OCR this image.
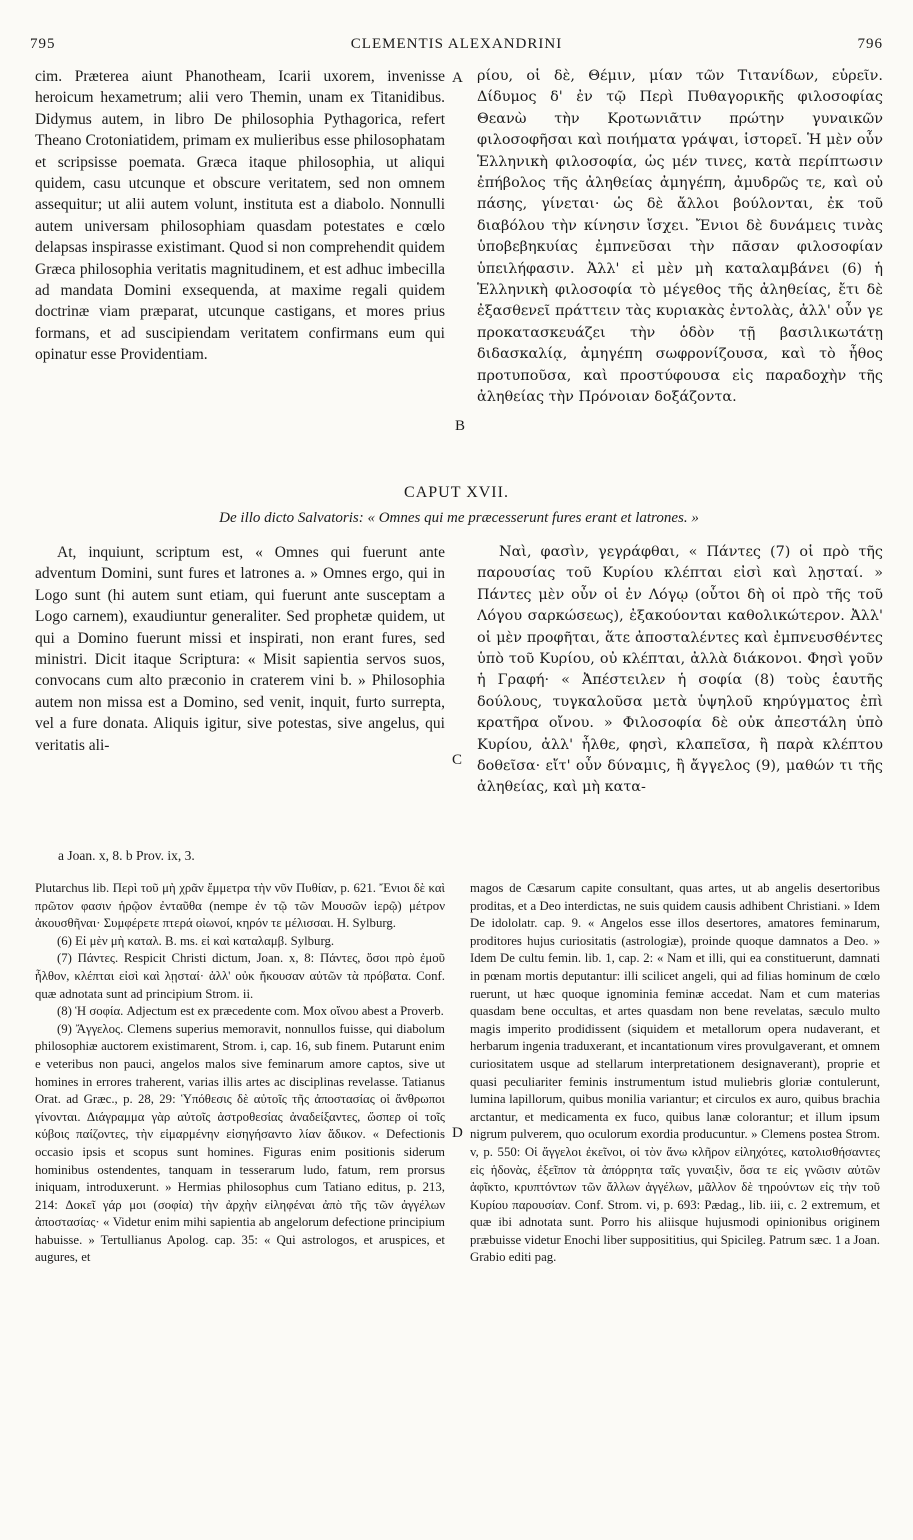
795	CLEMENTIS ALEXANDRINI	796

cim. Præterea aiunt Phanotheam, Icarii uxorem, invenisse heroicum hexametrum; alii vero Themin, unam ex Titanidibus. Didymus autem, in libro De philosophia Pythagorica, refert Theano Crotoniatidem, primam ex mulieribus esse philosophatam et scripsisse poemata. Græca itaque philosophia, ut aliqui quidem, casu utcunque et obscure veritatem, sed non omnem assequitur; ut alii autem volunt, instituta est a diabolo. Nonnulli autem universam philosophiam quasdam potestates e cœlo delapsas inspirasse existimant. Quod si non comprehendit quidem Græca philosophia veritatis magnitudinem, et est adhuc imbecilla ad mandata Domini exsequenda, at maxime regali quidem doctrinæ viam præparat, utcunque castigans, et mores prius formans, et ad suscipiendam veritatem confirmans eum qui opinatur esse Providentiam.

A ρίου, οἱ δὲ, Θέμιν, μίαν τῶν Τιτανίδων, εὑρεῖν. Δίδυμος δ' ἐν τῷ Περὶ Πυθαγορικῆς φιλοσοφίας Θεανὼ τὴν Κροτωνιᾶτιν πρώτην γυναικῶν φιλοσοφῆσαι καὶ ποιήματα γράψαι, ἱστορεῖ. Ἡ μὲν οὖν Ἑλληνικὴ φιλοσοφία, ὡς μέν τινες, κατὰ περίπτωσιν ἐπήβολος τῆς ἀληθείας ἀμηγέπη, ἀμυδρῶς τε, καὶ οὐ πάσης, γίνεται· ὡς δὲ ἄλλοι βούλονται, ἐκ τοῦ διαβόλου τὴν κίνησιν ἴσχει. Ἔνιοι δὲ δυνάμεις τινὰς ὑποβεβηκυίας ἐμπνεῦσαι τὴν πᾶσαν φιλοσοφίαν ὑπειλήφασιν. Ἀλλ' εἰ μὲν μὴ καταλαμβάνει (6) ἡ Ἑλληνικὴ φιλοσοφία τὸ μέγεθος τῆς ἀληθείας, ἔτι δὲ ἐξασθενεῖ πράττειν τὰς κυριακὰς ἐντολὰς, ἀλλ' οὖν γε προκατασκευάζει τὴν ὁδὸν τῇ βασιλικωτάτῃ διδασκαλίᾳ, ἀμηγέπη σωφρονίζουσα, καὶ τὸ ἦθος προτυποῦσα, καὶ προστύφουσα εἰς παραδοχὴν τῆς ἀληθείας τὴν Πρόνοιαν δοξάζοντα.

B
CAPUT XVII.
De illo dicto Salvatoris: « Omnes qui me præcesserunt fures erant et latrones. »

At, inquiunt, scriptum est, « Omnes qui fuerunt ante adventum Domini, sunt fures et latrones a. » Omnes ergo, qui in Logo sunt (hi autem sunt etiam, qui fuerunt ante susceptam a Logo carnem), exaudiuntur generaliter. Sed prophetæ quidem, ut qui a Domino fuerunt missi et inspirati, non erant fures, sed ministri. Dicit itaque Scriptura: « Misit sapientia servos suos, convocans cum alto præconio in craterem vini b. » Philosophia autem non missa est a Domino, sed venit, inquit, furto surrepta, vel a fure donata. Aliquis igitur, sive potestas, sive angelus, qui veritatis ali-

C

Ναὶ, φασὶν, γεγράφθαι, « Πάντες (7) οἱ πρὸ τῆς παρουσίας τοῦ Κυρίου κλέπται εἰσὶ καὶ λῃσταί. » Πάντες μὲν οὖν οἱ ἐν Λόγῳ (οὗτοι δὴ οἱ πρὸ τῆς τοῦ Λόγου σαρκώσεως), ἐξακούονται καθολικώτερον. Ἀλλ' οἱ μὲν προφῆται, ἅτε ἀποσταλέντες καὶ ἐμπνευσθέντες ὑπὸ τοῦ Κυρίου, οὐ κλέπται, ἀλλὰ διάκονοι. Φησὶ γοῦν ἡ Γραφή· « Ἀπέστειλεν ἡ σοφία (8) τοὺς ἑαυτῆς δούλους, τυγκαλοῦσα μετὰ ὑψηλοῦ κηρύγματος ἐπὶ κρατῆρα οἴνου. » Φιλοσοφία δὲ οὐκ ἀπεστάλη ὑπὸ Κυρίου, ἀλλ' ἦλθε, φησὶ, κλαπεῖσα, ἢ παρὰ κλέπτου δοθεῖσα· εἴτ' οὖν δύναμις, ἢ ἄγγελος (9), μαθών τι τῆς ἀληθείας, καὶ μὴ κατα-

a Joan. x, 8. b Prov. ix, 3.

Plutarchus lib. Περὶ τοῦ μὴ χρᾶν ἔμμετρα τὴν νῦν Πυθίαν, p. 621. Ἔνιοι δὲ καὶ πρῶτον φασιν ἡρῷον ἐνταῦθα (nempe ἐν τῷ τῶν Μουσῶν ἱερῷ) μέτρον ἀκουσθῆναι· Συμφέρετε πτερά οἰωνοί, κηρόν τε μέλισσαι. H. Sylburg.

(6) Εἰ μὲν μὴ καταλ. B. ms. εἰ καὶ καταλαμβ. Sylburg.

(7) Πάντες. Respicit Christi dictum, Joan. x, 8: Πάντες, ὅσοι πρὸ ἐμοῦ ἦλθον, κλέπται εἰσὶ καὶ λῃσταί· ἀλλ' οὐκ ἤκουσαν αὐτῶν τὰ πρόβατα. Conf. quæ adnotata sunt ad principium Strom. ii.

(8) Ἡ σοφία. Adjectum est ex præcedente com. Mox οἴνου abest a Proverb.

(9) Ἄγγελος. Clemens superius memoravit, nonnullos fuisse, qui diabolum philosophiæ auctorem existimarent, Strom. i, cap. 16, sub finem. Putarunt enim e veteribus non pauci, angelos malos sive feminarum amore captos, sive ut homines in errores traherent, varias illis artes ac disciplinas revelasse. Tatianus Orat. ad Græc., p. 28, 29: Ὑπόθεσις δὲ αὐτοῖς τῆς ἀποστασίας οἱ ἄνθρωποι γίνονται. Διάγραμμα γὰρ αὐτοῖς ἀστροθεσίας ἀναδείξαντες, ὥσπερ οἱ τοῖς κύβοις παίζοντες, τὴν εἱμαρμένην εἰσηγήσαντο λίαν ἄδικον. « Defectionis occasio ipsis et scopus sunt homines. Figuras enim positionis siderum hominibus ostendentes, tanquam in tesserarum ludo, fatum, rem prorsus iniquam, introduxerunt. » Hermias philosophus cum Tatiano editus, p. 213, 214: Δοκεῖ γάρ μοι (σοφία) τὴν ἀρχὴν εἰληφέναι ἀπὸ τῆς τῶν ἀγγέλων ἀποστασίας· « Videtur enim mihi sapientia ab angelorum defectione principium habuisse. » Tertullianus Apolog. cap. 35: « Qui astrologos, et aruspices, et augures, et

D

magos de Cæsarum capite consultant, quas artes, ut ab angelis desertoribus proditas, et a Deo interdictas, ne suis quidem causis adhibent Christiani. » Idem De idololatr. cap. 9. « Angelos esse illos desertores, amatores feminarum, proditores hujus curiositatis (astrologiæ), proinde quoque damnatos a Deo. » Idem De cultu femin. lib. 1, cap. 2: « Nam et illi, qui ea constituerunt, damnati in pœnam mortis deputantur: illi scilicet angeli, qui ad filias hominum de cœlo ruerunt, ut hæc quoque ignominia feminæ accedat. Nam et cum materias quasdam bene occultas, et artes quasdam non bene revelatas, sæculo multo magis imperito prodidissent (siquidem et metallorum opera nudaverant, et herbarum ingenia traduxerant, et incantationum vires provulgaverant, et omnem curiositatem usque ad stellarum interpretationem designaverant), proprie et quasi peculiariter feminis instrumentum istud muliebris gloriæ contulerunt, lumina lapillorum, quibus monilia variantur; et circulos ex auro, quibus brachia arctantur, et medicamenta ex fuco, quibus lanæ colorantur; et illum ipsum nigrum pulverem, quo oculorum exordia producuntur. » Clemens postea Strom. v, p. 550: Οἱ ἄγγελοι ἐκεῖνοι, οἱ τὸν ἄνω κλῆρον εἰληχότες, κατολισθήσαντες εἰς ἡδονὰς, ἐξεῖπον τὰ ἀπόρρητα ταῖς γυναιξὶν, ὅσα τε εἰς γνῶσιν αὐτῶν ἀφῖκτο, κρυπτόντων τῶν ἄλλων ἀγγέλων, μᾶλλον δὲ τηρούντων εἰς τὴν τοῦ Κυρίου παρουσίαν. Conf. Strom. vi, p. 693: Pædag., lib. iii, c. 2 extremum, et quæ ibi adnotata sunt. Porro his aliisque hujusmodi opinionibus originem præbuisse videtur Enochi liber supposititius, qui Spicileg. Patrum sæc. 1 a Joan. Grabio editi pag.
